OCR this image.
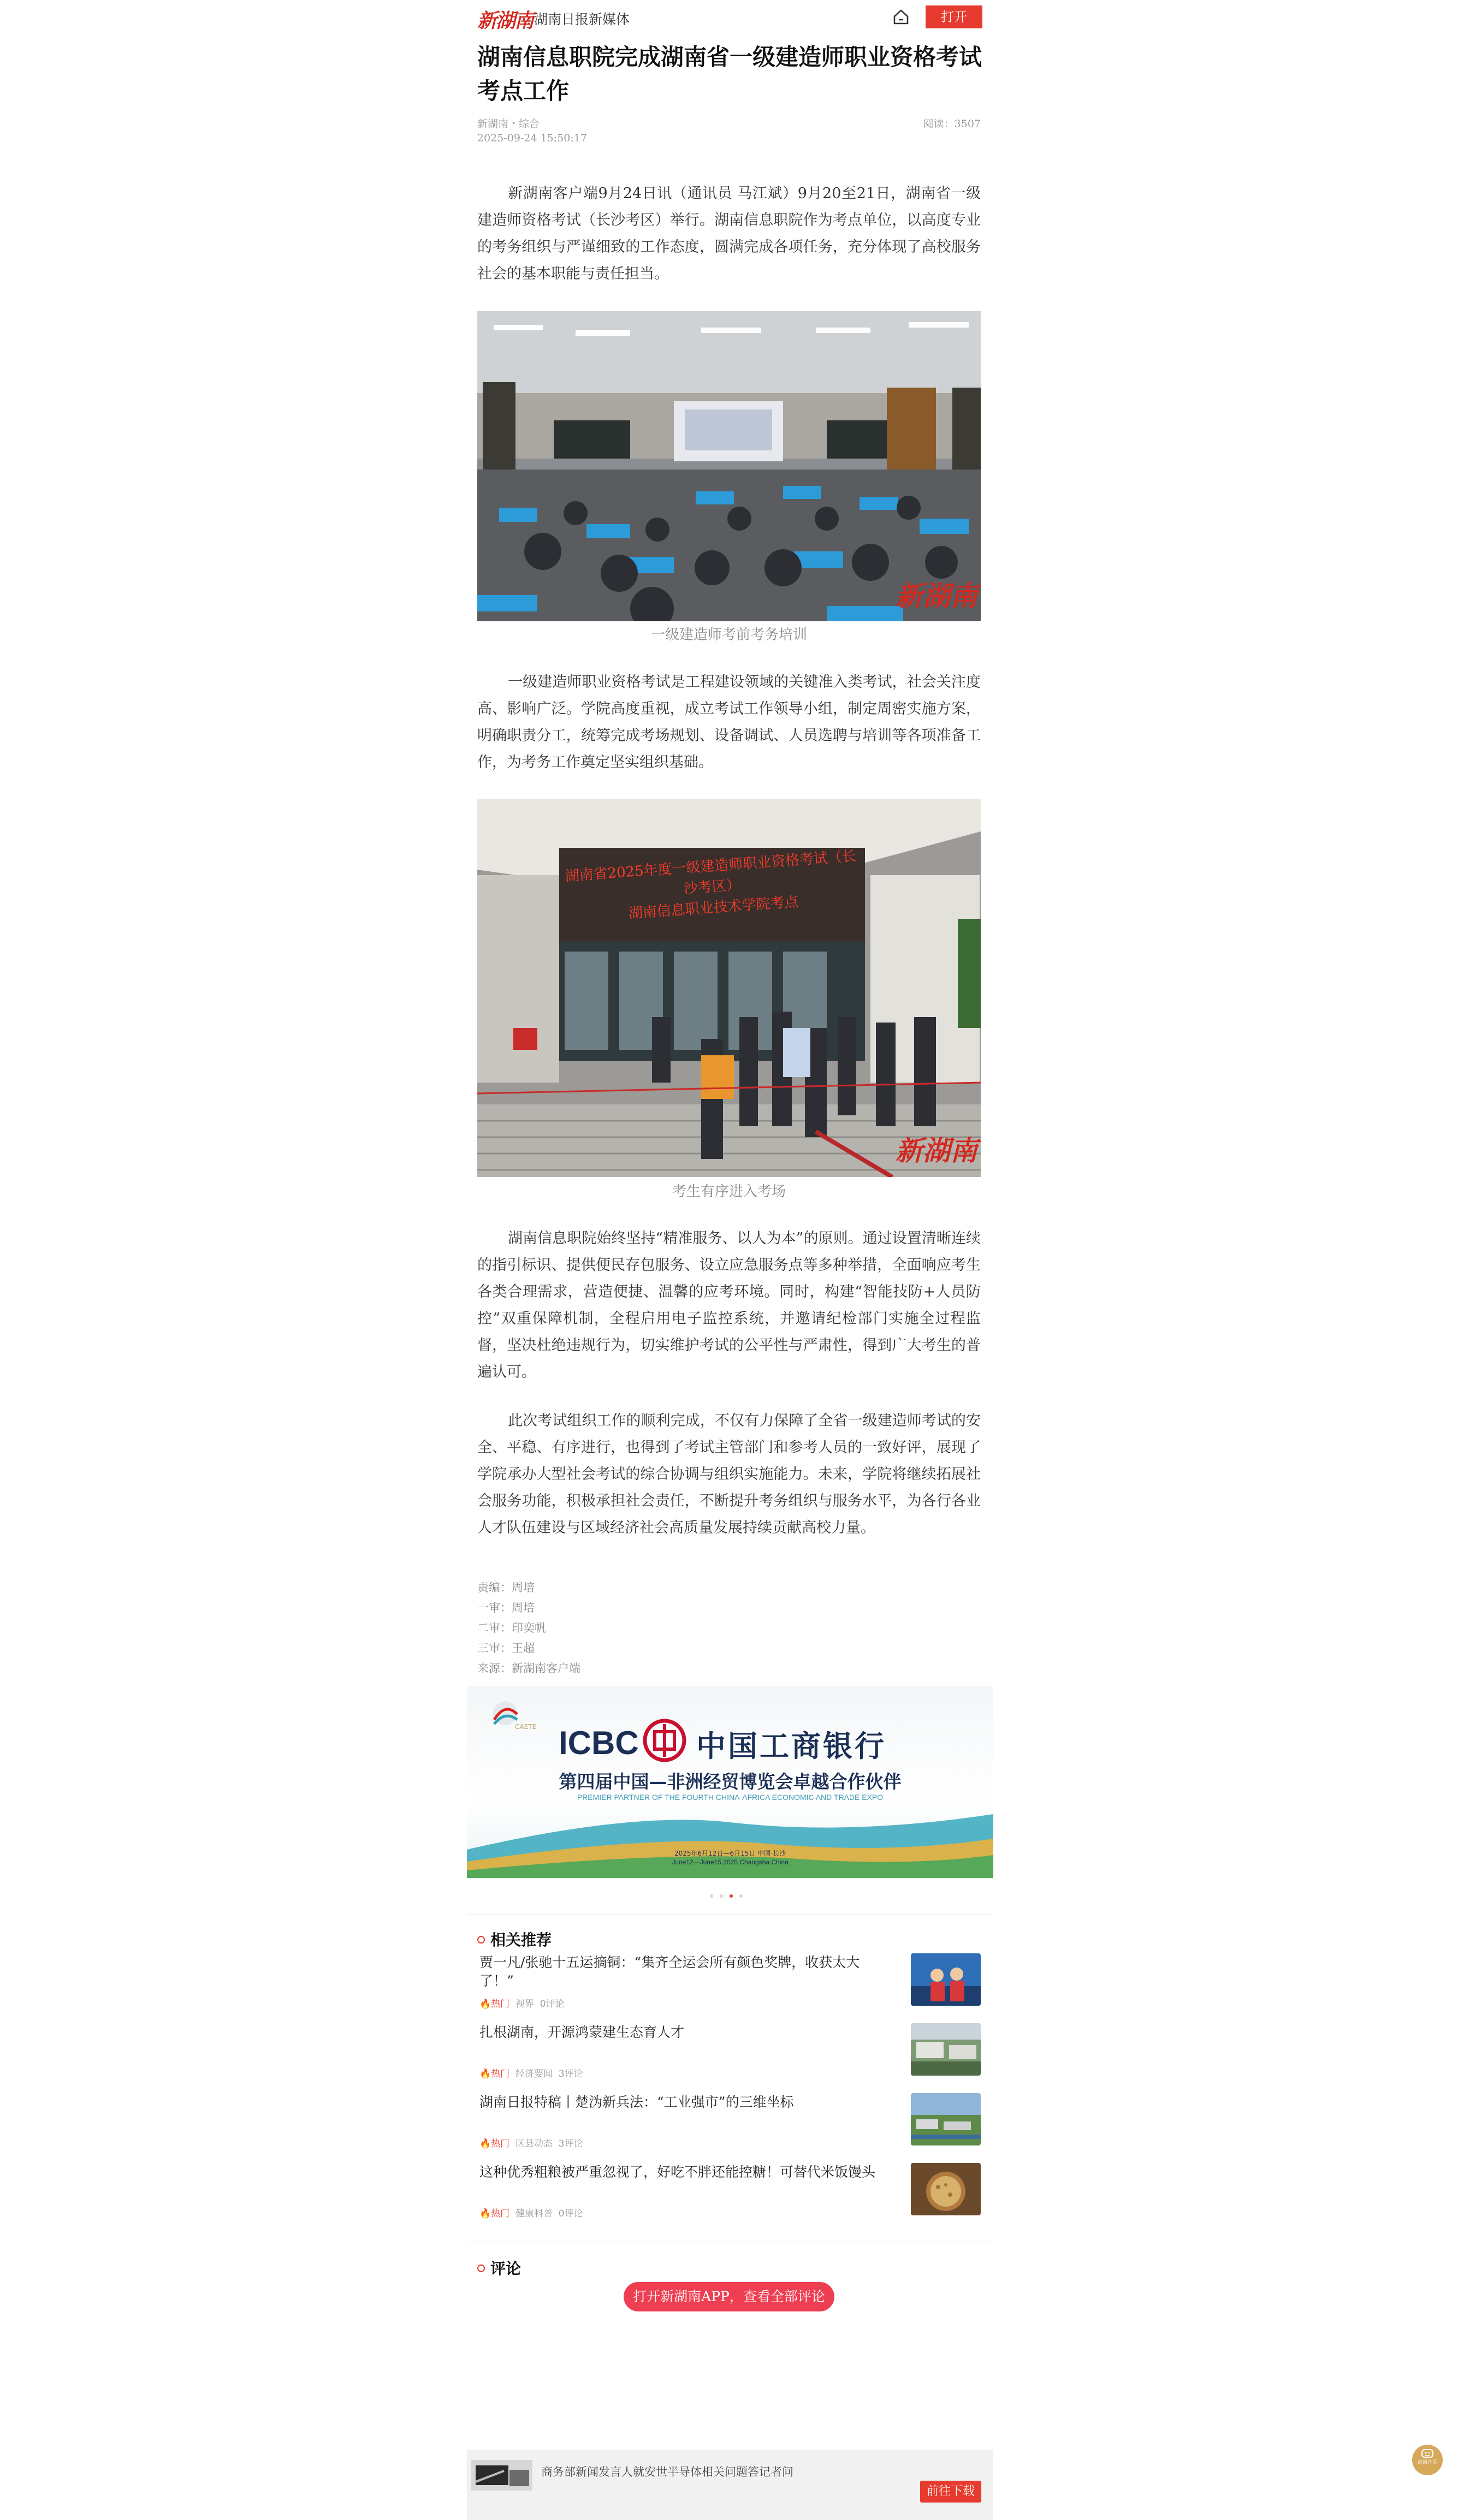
新湖南 湖南日报新媒体	打开
湖南信息职院完成湖南省一级建造师职业资格考试考点工作
新湖南・综合
2025-09-24 15:50:17
阅读：3507

新湖南客户端9月24日讯（通讯员 马江斌）9月20至21日，湖南省一级建造师资格考试（长沙考区）举行。湖南信息职院作为考点单位，以高度专业的考务组织与严谨细致的工作态度，圆满完成各项任务，充分体现了高校服务社会的基本职能与责任担当。

新湖南
一级建造师考前考务培训

一级建造师职业资格考试是工程建设领域的关键准入类考试，社会关注度高、影响广泛。学院高度重视，成立考试工作领导小组，制定周密实施方案，明确职责分工，统筹完成考场规划、设备调试、人员选聘与培训等各项准备工作，为考务工作奠定坚实组织基础。

湖南省2025年度一级建造师职业资格考试（长沙考区）
湖南信息职业技术学院考点
新湖南
考生有序进入考场

湖南信息职院始终坚持“精准服务、以人为本”的原则。通过设置清晰连续的指引标识、提供便民存包服务、设立应急服务点等多种举措，全面响应考生各类合理需求，营造便捷、温馨的应考环境。同时，构建“智能技防+人员防控”双重保障机制，全程启用电子监控系统，并邀请纪检部门实施全过程监督，坚决杜绝违规行为，切实维护考试的公平性与严肃性，得到广大考生的普遍认可。

此次考试组织工作的顺利完成，不仅有力保障了全省一级建造师考试的安全、平稳、有序进行，也得到了考试主管部门和参考人员的一致好评，展现了学院承办大型社会考试的综合协调与组织实施能力。未来，学院将继续拓展社会服务功能，积极承担社会责任，不断提升考务组织与服务水平，为各行各业人才队伍建设与区域经济社会高质量发展持续贡献高校力量。

责编：周培
一审：周培
二审：印奕帆
三审：王超
来源：新湖南客户端
CAETE ICBC 中国工商银行
第四届中国—非洲经贸博览会卓越合作伙伴
PREMIER PARTNER OF THE FOURTH CHINA-AFRICA ECONOMIC AND TRADE EXPO
2025年6月12日—6月15日 中国·长沙
June12—June15,2025 Changsha,China
相关推荐
贾一凡/张驰十五运摘铜：“集齐全运会所有颜色奖牌，收获太大了！”
🔥热门 视界 0评论
扎根湖南，开源鸿蒙建生态育人才
🔥热门 经济要闻 3评论
湖南日报特稿丨楚沩新兵法：“工业强市”的三维坐标
🔥热门 区县动态 3评论
这种优秀粗粮被严重忽视了，好吃不胖还能控糖！可替代米饭馒头
🔥热门 健康科普 0评论
评论
打开新湖南APP，查看全部评论
商务部新闻发言人就安世半导体相关问题答记者问
前往下载
返回首页
